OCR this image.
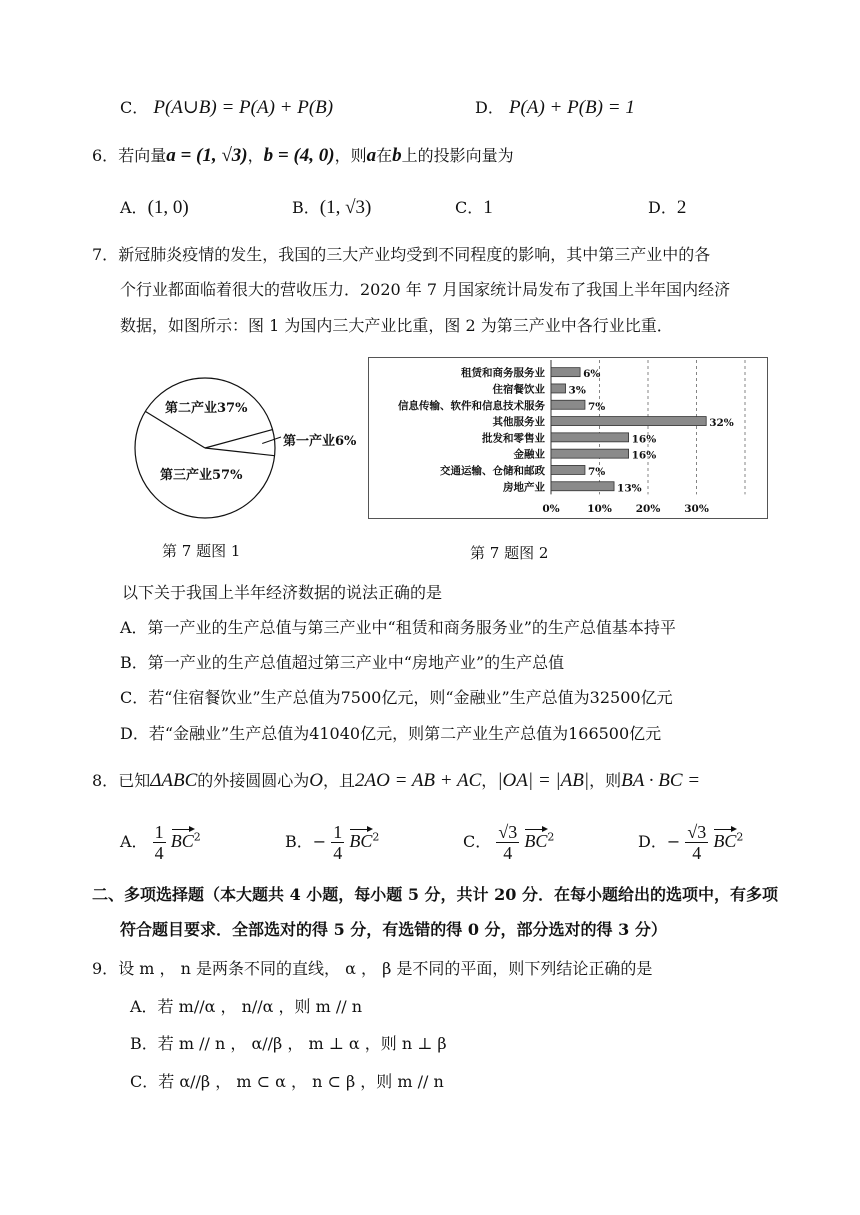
C． P(A∪B) = P(A) + P(B)	D． P(A) + P(B) = 1
6．若向量a = (1, √3)，b = (4, 0)，则a在b上的投影向量为
A．(1, 0)	B．(1, √3)	C．1	D．2
7．新冠肺炎疫情的发生，我国的三大产业均受到不同程度的影响，其中第三产业中的各
个行业都面临着很大的营收压力．2020 年 7 月国家统计局发布了我国上半年国内经济
数据，如图所示：图 1 为国内三大产业比重，图 2 为第三产业中各行业比重．
第二产业37%
第一产业6%
第三产业57%
第 7 题图 1
租赁和商务服务业	6%
住宿餐饮业 3%
信息传输、软件和信息技术服务	7%
其他服务业	32%
批发和零售业	16%
金融业	16%
交通运输、仓储和邮政	7%
房地产业	13%
0%	10% 20% 30%
第 7 题图 2
以下关于我国上半年经济数据的说法正确的是
A．第一产业的生产总值与第三产业中“租赁和商务服务业”的生产总值基本持平
B．第一产业的生产总值超过第三产业中“房地产业”的生产总值
C．若“住宿餐饮业”生产总值为7500亿元，则“金融业”生产总值为32500亿元
D．若“金融业”生产总值为41040亿元，则第二产业生产总值为166500亿元
8．已知ΔABC的外接圆圆心为O，且2AO = AB + AC，|OA| = |AB|，则BA · BC =
A． $\frac{1}{4} BC^2$	B．− $\frac{1}{4} BC^2$	C． $\frac{√3}{4} BC^2$	D．− $\frac{√3}{4} BC^2$
二、多项选择题（本大题共 4 小题，每小题 5 分，共计 20 分．在每小题给出的选项中，有多项
符合题目要求．全部选对的得 5 分，有选错的得 0 分，部分选对的得 3 分）
9．设 m ， n 是两条不同的直线， α ， β 是不同的平面，则下列结论正确的是
A．若 m//α ， n//α ，则 m // n
B．若 m // n ， α//β ， m ⊥ α ，则 n ⊥ β
C．若 α//β ， m ⊂ α ， n ⊂ β ，则 m // n
